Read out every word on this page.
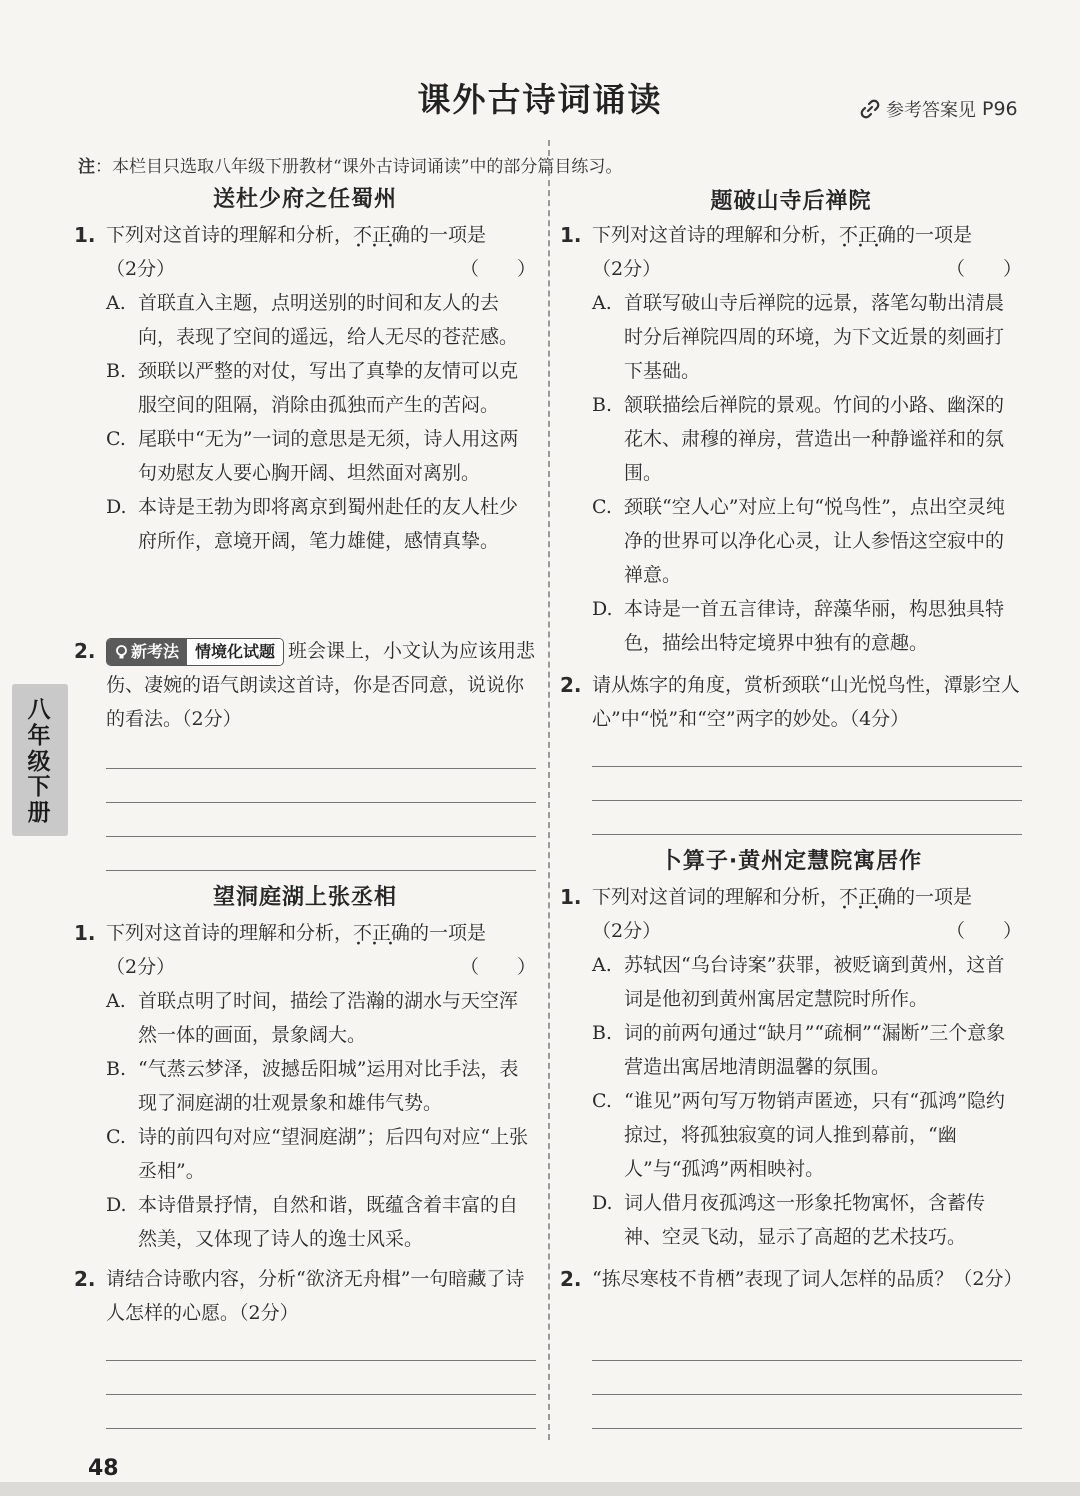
课外古诗词诵读	参考答案见 P96
注：本栏目只选取八年级下册教材“课外古诗词诵读”中的部分篇目练习。
八年级下册
送杜少府之任蜀州
1. 下列对这首诗的理解和分析，不正确 ···的一项是
（2分）	（　　）
A. 首联直入主题，点明送别的时间和友人的去向，表现了空间的遥远，给人无尽的苍茫感。
B. 颈联以严整的对仗，写出了真挚的友情可以克服空间的阻隔，消除由孤独而产生的苦闷。
C. 尾联中“无为”一词的意思是无须，诗人用这两句劝慰友人要心胸开阔、坦然面对离别。
D. 本诗是王勃为即将离京到蜀州赴任的友人杜少府所作，意境开阔，笔力雄健，感情真挚。
2. 新考法	情境化试题 班会课上，小文认为应该用悲伤、凄婉的语气朗读这首诗，你是否同意，说说你的看法。（2分）
望洞庭湖上张丞相
1. 下列对这首诗的理解和分析，不正确 ···的一项是
（2分）	（　　）
A. 首联点明了时间，描绘了浩瀚的湖水与天空浑然一体的画面，景象阔大。
B. “气蒸云梦泽，波撼岳阳城”运用对比手法，表现了洞庭湖的壮观景象和雄伟气势。
C. 诗的前四句对应“望洞庭湖”；后四句对应“上张丞相”。
D. 本诗借景抒情，自然和谐，既蕴含着丰富的自然美，又体现了诗人的逸士风采。
2. 请结合诗歌内容，分析“欲济无舟楫”一句暗藏了诗人怎样的心愿。（2分）
题破山寺后禅院
1. 下列对这首诗的理解和分析，不正确 ···的一项是
（2分）	（　　）
A. 首联写破山寺后禅院的远景，落笔勾勒出清晨时分后禅院四周的环境，为下文近景的刻画打下基础。
B. 颔联描绘后禅院的景观。竹间的小路、幽深的花木、肃穆的禅房，营造出一种静谧祥和的氛围。
C. 颈联“空人心”对应上句“悦鸟性”，点出空灵纯净的世界可以净化心灵，让人参悟这空寂中的禅意。
D. 本诗是一首五言律诗，辞藻华丽，构思独具特色，描绘出特定境界中独有的意趣。
2. 请从炼字的角度，赏析颈联“山光悦鸟性，潭影空人心”中“悦”和“空”两字的妙处。（4分）
卜算子·黄州定慧院寓居作
1. 下列对这首词的理解和分析，不正确 ···的一项是
（2分）	（　　）
A. 苏轼因“乌台诗案”获罪，被贬谪到黄州，这首词是他初到黄州寓居定慧院时所作。
B. 词的前两句通过“缺月”“疏桐”“漏断”三个意象营造出寓居地清朗温馨的氛围。
C. “谁见”两句写万物销声匿迹，只有“孤鸿”隐约掠过，将孤独寂寞的词人推到幕前，“幽人”与“孤鸿”两相映衬。
D. 词人借月夜孤鸿这一形象托物寓怀，含蓄传神、空灵飞动，显示了高超的艺术技巧。
2. “拣尽寒枝不肯栖”表现了词人怎样的品质？（2分）
48
